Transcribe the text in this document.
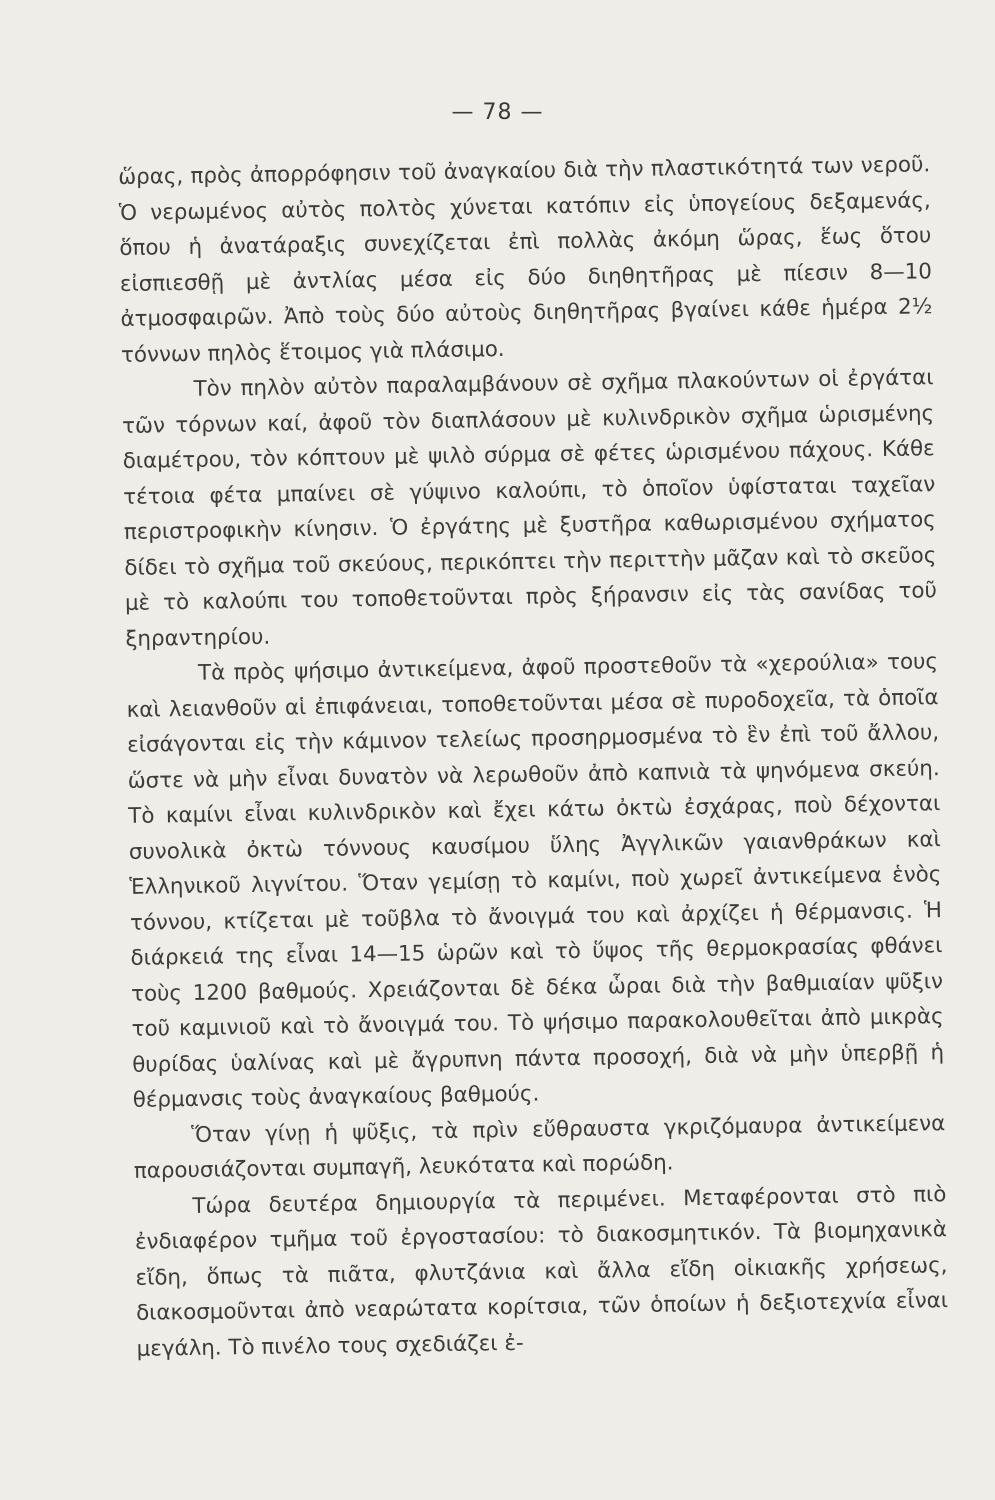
— 78 —

ὥρας, πρὸς ἀπορρόφησιν τοῦ ἀναγκαίου διὰ τὴν πλαστικότητά των νεροῦ. Ὁ νερωμένος αὐτὸς πολτὸς χύνεται κατόπιν εἰς ὑπογείους δεξαμενάς, ὅπου ἡ ἀνατάραξις συνεχίζεται ἐπὶ πολλὰς ἀκόμη ὥρας, ἕως ὅτου εἰσπιεσθῇ μὲ ἀντλίας μέσα εἰς δύο διηθητῆρας μὲ πίεσιν 8—10 ἀτμοσφαιρῶν. Ἀπὸ τοὺς δύο αὐτοὺς διηθητῆρας βγαίνει κάθε ἡμέρα 2½ τόννων πηλὸς ἕτοιμος γιὰ πλάσιμο.

Τὸν πηλὸν αὐτὸν παραλαμβάνουν σὲ σχῆμα πλακούντων οἱ ἐργάται τῶν τόρνων καί, ἀφοῦ τὸν διαπλάσουν μὲ κυλινδρικὸν σχῆμα ὡρισμένης διαμέτρου, τὸν κόπτουν μὲ ψιλὸ σύρμα σὲ φέτες ὡρισμένου πάχους. Κάθε τέτοια φέτα μπαίνει σὲ γύψινο καλούπι, τὸ ὁποῖον ὑφίσταται ταχεῖαν περιστροφικὴν κίνησιν. Ὁ ἐργάτης μὲ ξυστῆρα καθωρισμένου σχήματος δίδει τὸ σχῆμα τοῦ σκεύους, περικόπτει τὴν περιττὴν μᾶζαν καὶ τὸ σκεῦος μὲ τὸ καλούπι του τοποθετοῦνται πρὸς ξήρανσιν εἰς τὰς σανίδας τοῦ ξηραντηρίου.

Τὰ πρὸς ψήσιμο ἀντικείμενα, ἀφοῦ προστεθοῦν τὰ «χερούλια» τους καὶ λειανθοῦν αἱ ἐπιφάνειαι, τοποθετοῦνται μέσα σὲ πυροδοχεῖα, τὰ ὁποῖα εἰσάγονται εἰς τὴν κάμινον τελείως προσηρμοσμένα τὸ ἓν ἐπὶ τοῦ ἄλλου, ὥστε νὰ μὴν εἶναι δυνατὸν νὰ λερωθοῦν ἀπὸ καπνιὰ τὰ ψηνόμενα σκεύη. Τὸ καμίνι εἶναι κυλινδρικὸν καὶ ἔχει κάτω ὀκτὼ ἐσχάρας, ποὺ δέχονται συνολικὰ ὀκτὼ τόννους καυσίμου ὕλης Ἀγγλικῶν γαιανθράκων καὶ Ἑλληνικοῦ λιγνίτου. Ὅταν γεμίσῃ τὸ καμίνι, ποὺ χωρεῖ ἀντικείμενα ἑνὸς τόννου, κτίζεται μὲ τοῦβλα τὸ ἄνοιγμά του καὶ ἀρχίζει ἡ θέρμανσις. Ἡ διάρκειά της εἶναι 14—15 ὡρῶν καὶ τὸ ὕψος τῆς θερμοκρασίας φθάνει τοὺς 1200 βαθμούς. Χρειάζονται δὲ δέκα ὧραι διὰ τὴν βαθμιαίαν ψῦξιν τοῦ καμινιοῦ καὶ τὸ ἄνοιγμά του. Τὸ ψήσιμο παρακολουθεῖται ἀπὸ μικρὰς θυρίδας ὑαλίνας καὶ μὲ ἄγρυπνη πάντα προσοχή, διὰ νὰ μὴν ὑπερβῇ ἡ θέρμανσις τοὺς ἀναγκαίους βαθμούς.

Ὅταν γίνῃ ἡ ψῦξις, τὰ πρὶν εὔθραυστα γκριζόμαυρα ἀντικείμενα παρουσιάζονται συμπαγῆ, λευκότατα καὶ πορώδη.

Τώρα δευτέρα δημιουργία τὰ περιμένει. Μεταφέρονται στὸ πιὸ ἐνδιαφέρον τμῆμα τοῦ ἐργοστασίου: τὸ διακοσμητικόν. Τὰ βιομηχανικὰ εἴδη, ὅπως τὰ πιᾶτα, φλυτζάνια καὶ ἄλλα εἴδη οἰκιακῆς χρήσεως, διακοσμοῦνται ἀπὸ νεαρώτατα κορίτσια, τῶν ὁποίων ἡ δεξιοτεχνία εἶναι μεγάλη. Τὸ πινέλο τους σχεδιάζει ἐ-
